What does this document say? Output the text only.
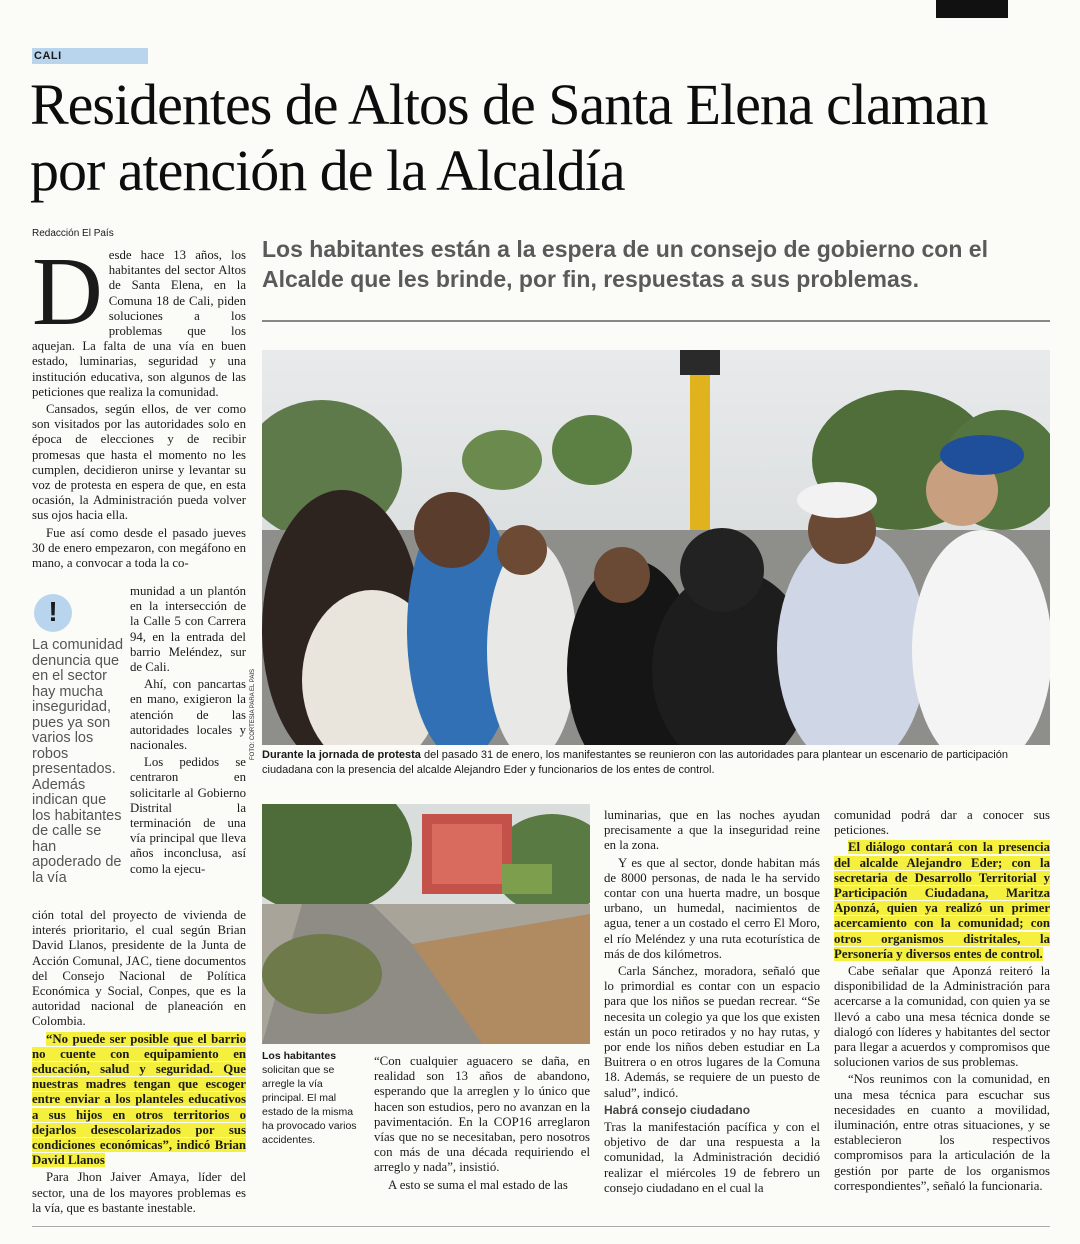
CALI
Residentes de Altos de Santa Elena claman por atención de la Alcaldía
Redacción El País

Los habitantes están a la espera de un consejo de gobierno con el Alcalde que les brinde, por fin, respuestas a sus problemas.

Desde hace 13 años, los habitantes del sector Altos de Santa Elena, en la Comuna 18 de Cali, piden soluciones a los problemas que los aquejan. La falta de una vía en buen estado, luminarias, seguridad y una institución educativa, son algunos de las peticiones que realiza la comunidad.

Cansados, según ellos, de ver como son visitados por las autoridades solo en época de elecciones y de recibir promesas que hasta el momento no les cumplen, decidieron unirse y levantar su voz de protesta en espera de que, en esta ocasión, la Administración pueda volver sus ojos hacia ella.

Fue así como desde el pasado jueves 30 de enero empezaron, con megáfono en mano, a convocar a toda la co-

!
La comunidad denuncia que en el sector hay mucha inseguridad, pues ya son varios los robos presentados. Además indican que los habitantes de calle se han apoderado de la vía

munidad a un plantón en la intersección de la Calle 5 con Carrera 94, en la entrada del barrio Meléndez, sur de Cali.

Ahí, con pancartas en mano, exigieron la atención de las autoridades locales y nacionales.

Los pedidos se centraron en solicitarle al Gobierno Distrital la terminación de una vía principal que lleva años inconclusa, así como la ejecu-

ción total del proyecto de vivienda de interés prioritario, el cual según Brian David Llanos, presidente de la Junta de Acción Comunal, JAC, tiene documentos del Consejo Nacional de Política Económica y Social, Conpes, que es la autoridad nacional de planeación en Colombia.

“No puede ser posible que el barrio no cuente con equipamiento en educación, salud y seguridad. Que nuestras madres tengan que escoger entre enviar a los planteles educativos a sus hijos en otros territorios o dejarlos desescolarizados por sus condiciones económicas”, indicó Brian David Llanos

Para Jhon Jaiver Amaya, líder del sector, una de los mayores problemas es la vía, que es bastante inestable.

FOTO: CORTESÍA PARA EL PAÍS Durante la jornada de protesta del pasado 31 de enero, los manifestantes se reunieron con las autoridades para plantear un escenario de participación ciudadana con la presencia del alcalde Alejandro Eder y funcionarios de los entes de control.
Los habitantes solicitan que se arregle la vía principal. El mal estado de la misma ha provocado varios accidentes.

“Con cualquier aguacero se daña, en realidad son 13 años de abandono, esperando que la arreglen y lo único que hacen son estudios, pero no avanzan en la pavimentación. En la COP16 arreglaron vías que no se necesitaban, pero nosotros con más de una década requiriendo el arreglo y nada”, insistió.

A esto se suma el mal estado de las

luminarias, que en las noches ayudan precisamente a que la inseguridad reine en la zona.

Y es que al sector, donde habitan más de 8000 personas, de nada le ha servido contar con una huerta madre, un bosque urbano, un humedal, nacimientos de agua, tener a un costado el cerro El Moro, el río Meléndez y una ruta ecoturística de más de dos kilómetros.

Carla Sánchez, moradora, señaló que lo primordial es contar con un espacio para que los niños se puedan recrear. “Se necesita un colegio ya que los que existen están un poco retirados y no hay rutas, y por ende los niños deben estudiar en La Buitrera o en otros lugares de la Comuna 18. Además, se requiere de un puesto de salud”, indicó.

Habrá consejo ciudadano

Tras la manifestación pacífica y con el objetivo de dar una respuesta a la comunidad, la Administración decidió realizar el miércoles 19 de febrero un consejo ciudadano en el cual la

comunidad podrá dar a conocer sus peticiones.

El diálogo contará con la presencia del alcalde Alejandro Eder; con la secretaria de Desarrollo Territorial y Participación Ciudadana, Maritza Aponzá, quien ya realizó un primer acercamiento con la comunidad; con otros organismos distritales, la Personería y diversos entes de control.

Cabe señalar que Aponzá reiteró la disponibilidad de la Administración para acercarse a la comunidad, con quien ya se llevó a cabo una mesa técnica donde se dialogó con líderes y habitantes del sector para llegar a acuerdos y compromisos que solucionen varios de sus problemas.

“Nos reunimos con la comunidad, en una mesa técnica para escuchar sus necesidades en cuanto a movilidad, iluminación, entre otras situaciones, y se establecieron los respectivos compromisos para la articulación de la gestión por parte de los organismos correspondientes”, señaló la funcionaria.
